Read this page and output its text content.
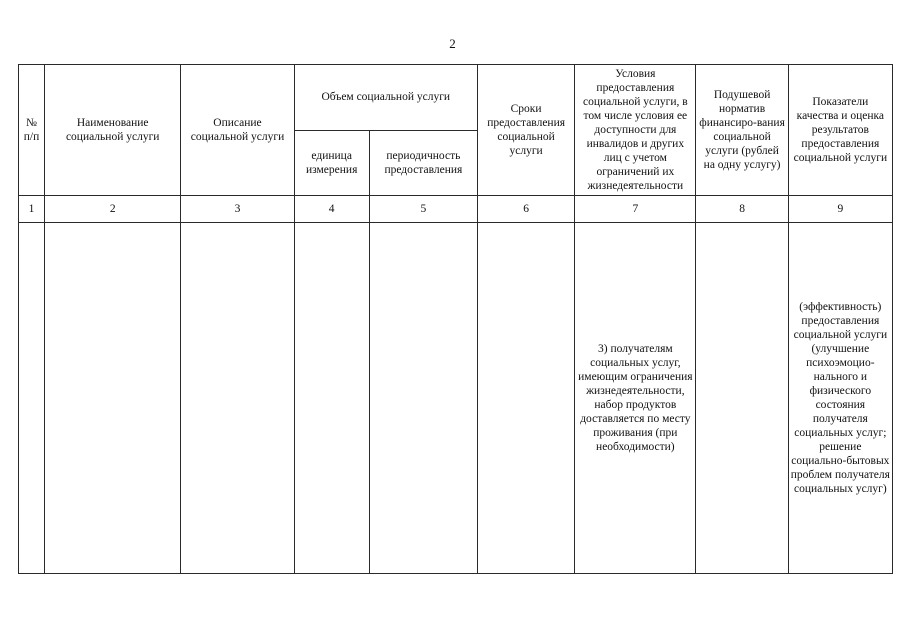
2
№ п/п	Наименование социальной услуги	Описание социальной услуги	Объем социальной услуги		Сроки предоставления социальной услуги	Условия предоставления социальной услуги, в том числе условия ее доступности для инвалидов и других лиц с учетом ограничений их жизнедеятельности	Подушевой норматив финансиро-вания социальной услуги (рублей на одну услугу)	Показатели качества и оценка результатов предоставления социальной услуги
			единица измерения	периодичность предоставления				
1	2	3	4	5	6	7	8	9
						3) получателям социальных услуг, имеющим ограничения жизнедеятельности, набор продуктов доставляется по месту проживания (при необходимости)		(эффективность) предоставления социальной услуги (улучшение психоэмоцио-нального и физического состояния получателя социальных услуг; решение социально-бытовых проблем получателя социальных услуг)
